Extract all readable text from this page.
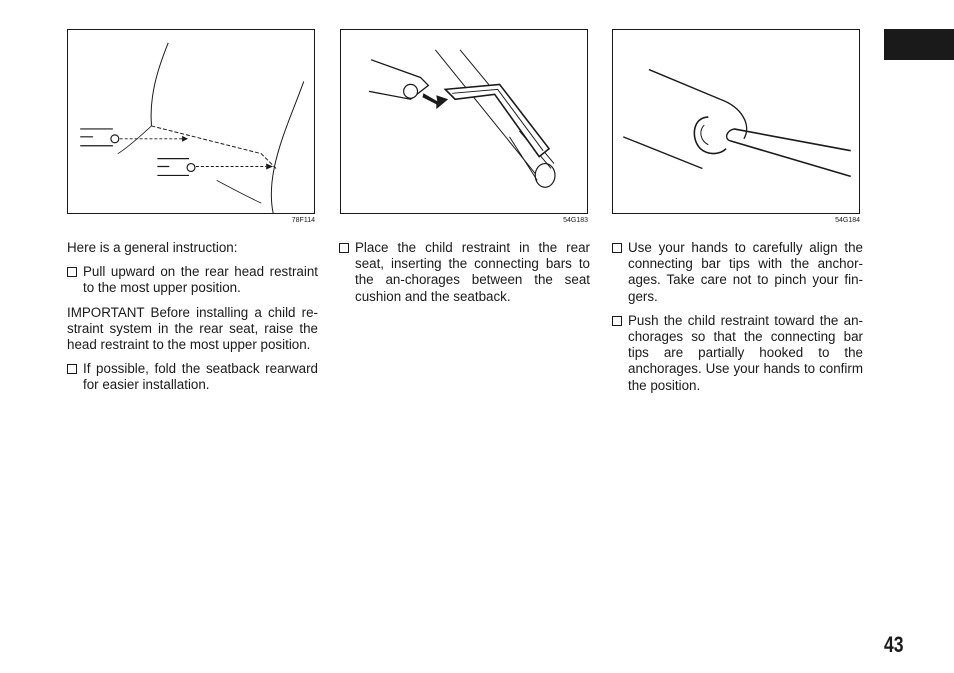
78F114	54G183	54G184

Here is a general instruction:

Pull upward on the rear head restraint to the most upper position.

IMPORTANT Before installing a child re-straint system in the rear seat, raise the head restraint to the most upper position.

If possible, fold the seatback rearward for easier installation.
Place the child restraint in the rear seat, inserting the connecting bars to the an-chorages between the seat cushion and the seatback.
Use your hands to carefully align the connecting bar tips with the anchor-ages. Take care not to pinch your fin-gers.
Push the child restraint toward the an-chorages so that the connecting bar tips are partially hooked to the anchorages. Use your hands to confirm the position.
43
